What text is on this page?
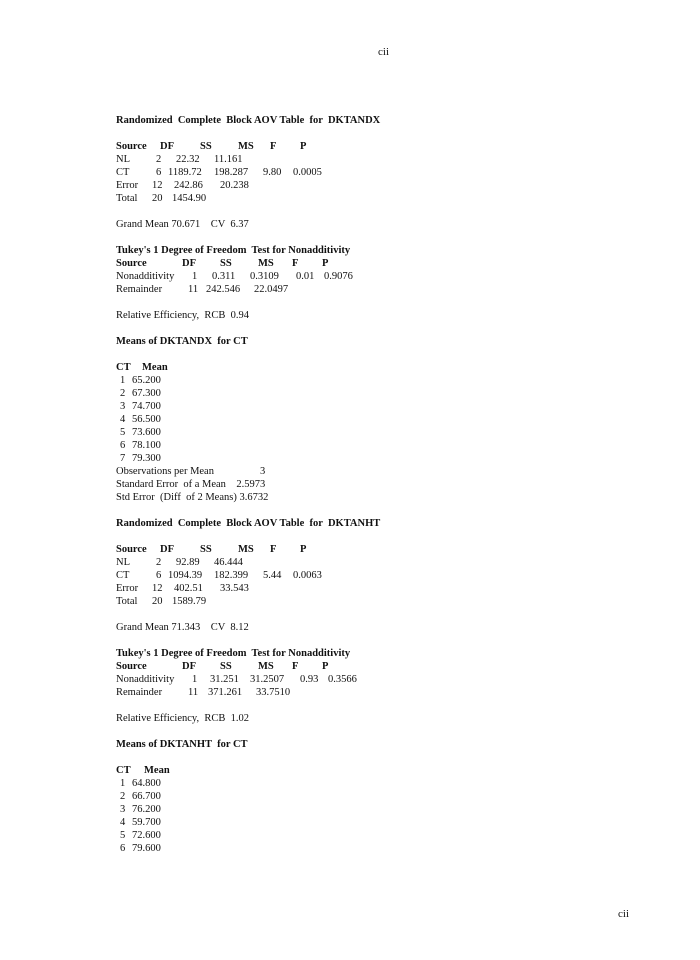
cii
Randomized  Complete  Block AOV Table  for  DKTANDX
Source DF SS	MS F P
NL 2 22.32 11.161
CT	6 1189.72 198.287 9.80 0.0005
Error 12 242.86 20.238
Total 20 1454.90
Grand Mean 70.671    CV  6.37
Tukey's 1 Degree of Freedom  Test for Nonadditivity
Source	DF SS	MS F P
Nonadditivity 1 0.311 0.3109 0.01 0.9076
Remainder 11 242.546 22.0497
Relative Efficiency,  RCB  0.94
Means of DKTANDX  for CT
CT Mean
1 65.200
2 67.300
3 74.700
4 56.500
5 73.600
6 78.100
7 79.300
Observations per Mean	3
Standard Error  of a Mean    2.5973
Std Error  (Diff  of 2 Means) 3.6732
Randomized  Complete  Block AOV Table  for  DKTANHT
Source DF SS	MS F P
NL 2 92.89 46.444
CT	6 1094.39 182.399 5.44 0.0063
Error 12 402.51 33.543
Total 20 1589.79
Grand Mean 71.343    CV  8.12
Tukey's 1 Degree of Freedom  Test for Nonadditivity
Source	DF SS	MS F P
Nonadditivity 1 31.251 31.2507 0.93 0.3566
Remainder 11 371.261 33.7510
Relative Efficiency,  RCB  1.02
Means of DKTANHT  for CT
CT Mean
1 64.800
2 66.700
3 76.200
4 59.700
5 72.600
6 79.600
cii
